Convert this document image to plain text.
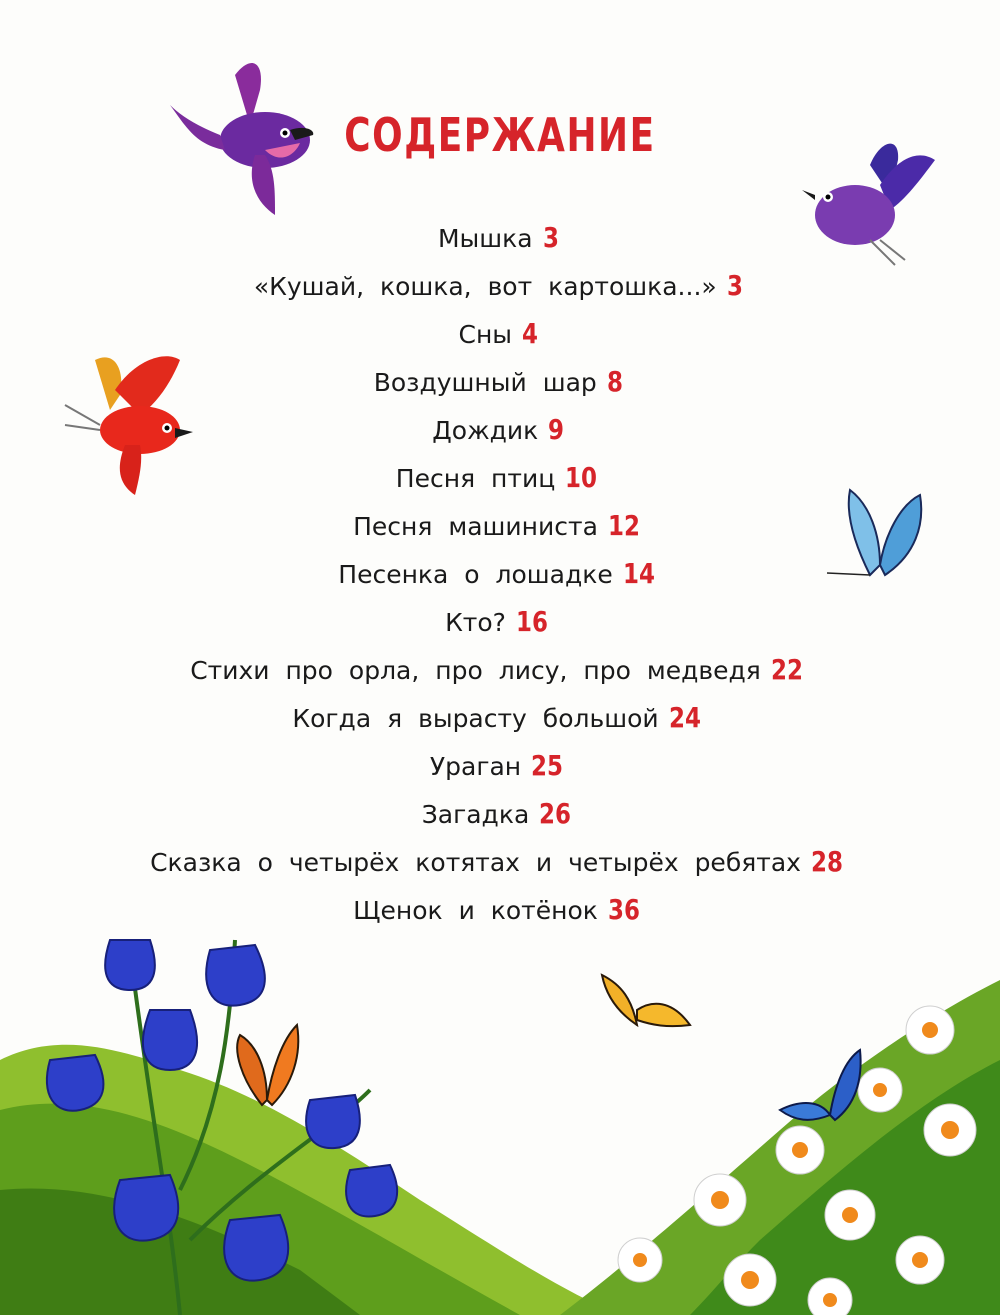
СОДЕРЖАНИЕ
Мышка 3
«Кушай, кошка, вот картошка...» 3
Сны 4
Воздушный шар 8
Дождик 9
Песня птиц 10
Песня машиниста 12
Песенка о лошадке 14
Кто? 16
Стихи про орла, про лису, про медведя 22
Когда я вырасту большой 24
Ураган 25
Загадка 26
Сказка о четырёх котятах и четырёх ребятах 28
Щенок и котёнок 36
